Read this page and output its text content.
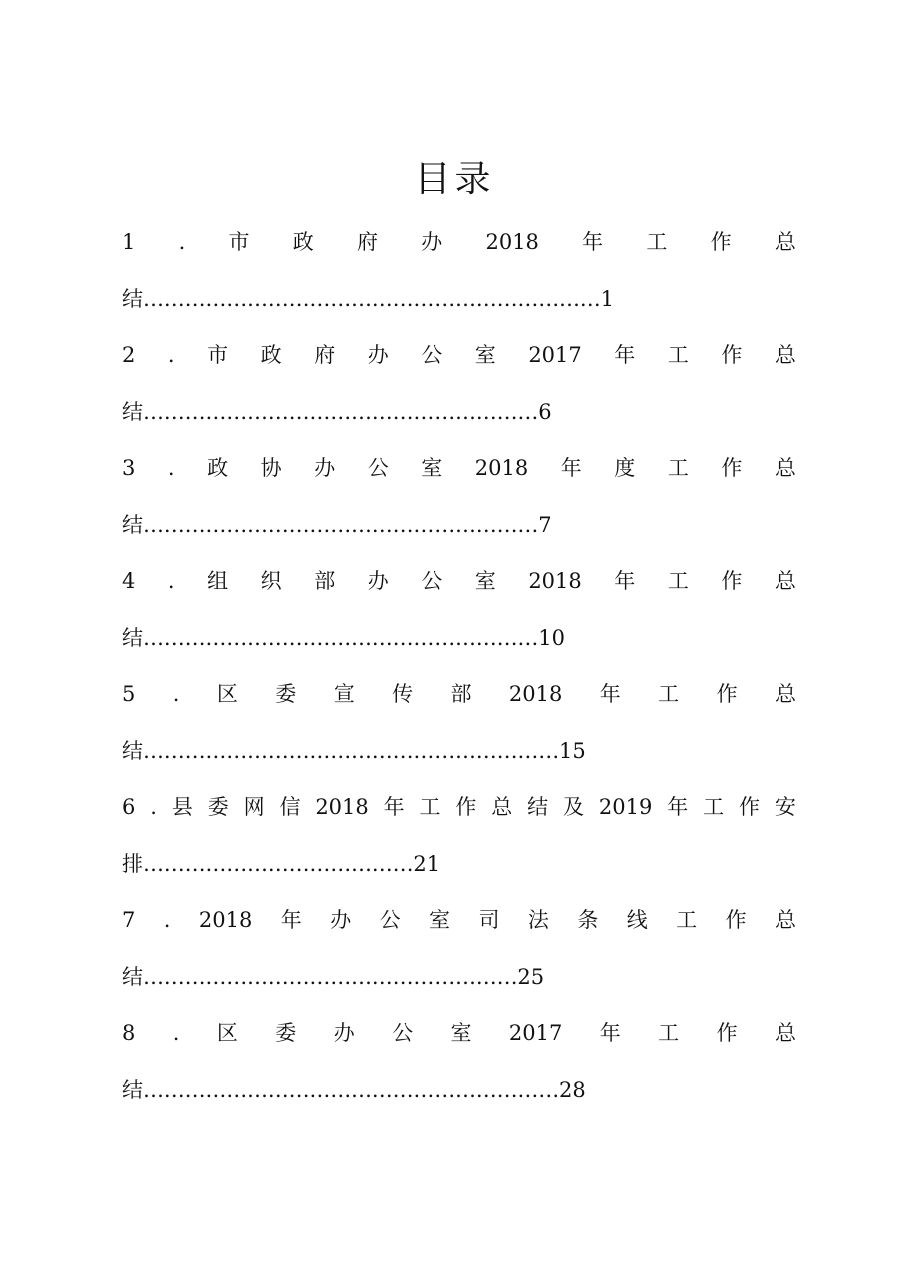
目录
1 . 市 政 府 办 2018 年 工 作 总
结…………………………………………………………1
2 . 市 政 府 办 公 室 2017 年 工 作 总
结…………………………………………………6
3 . 政 协 办 公 室 2018 年 度 工 作 总
结…………………………………………………7
4 . 组 织 部 办 公 室 2018 年 工 作 总
结…………………………………………………10
5 . 区 委 宣 传 部 2018 年 工 作 总
结……………………………………………………15
6 . 县 委 网 信 2018 年 工 作 总 结 及 2019 年 工 作 安
排…………………………………21
7 . 2018 年 办 公 室 司 法 条 线 工 作 总
结………………………………………………25
8 . 区 委 办 公 室 2017 年 工 作 总
结……………………………………………………28
